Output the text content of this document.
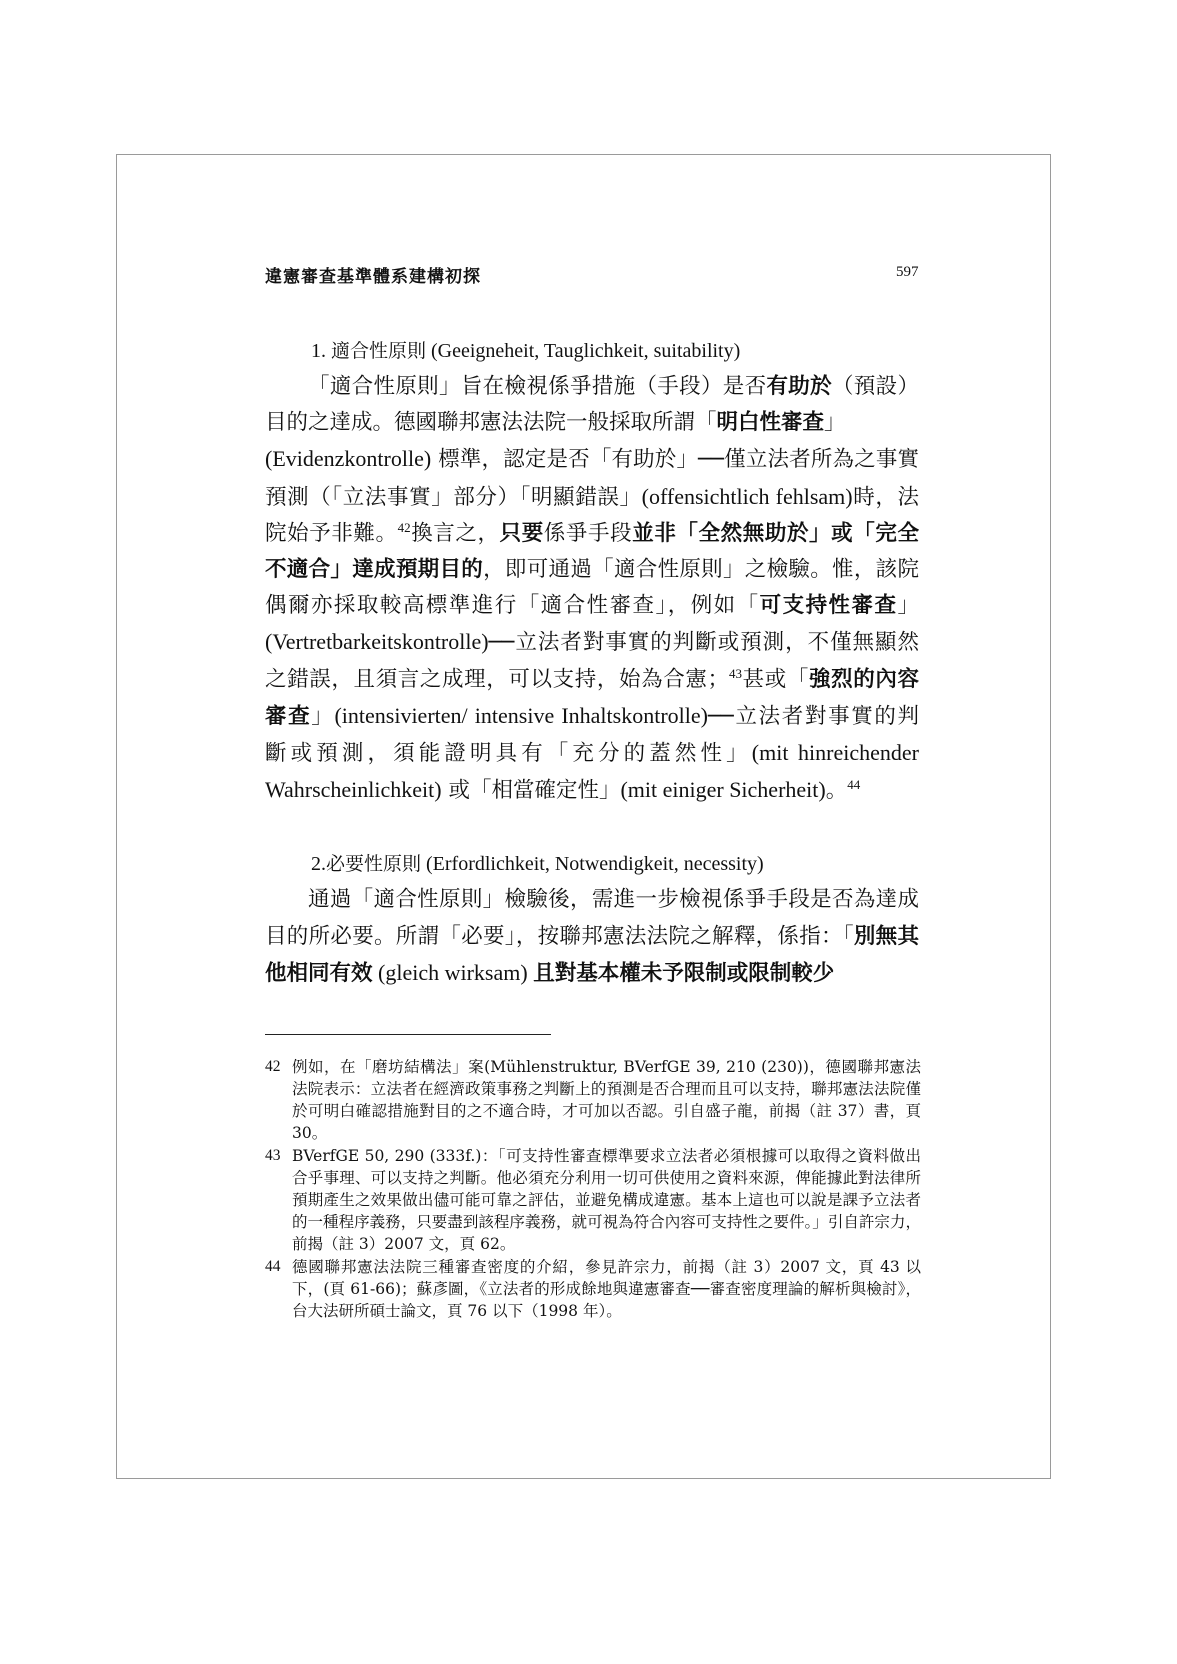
違憲審查基準體系建構初探	597

1. 適合性原則 (Geeigneheit, Tauglichkeit, suitability)

「適合性原則」旨在檢視係爭措施（手段）是否有助於（預設）目的之達成。德國聯邦憲法法院一般採取所謂「明白性審查」
(Evidenzkontrolle) 標準，認定是否「有助於」──僅立法者所為之事實預測（「立法事實」部分）「明顯錯誤」(offensichtlich fehlsam)時，法院始予非難。$^{42}$換言之，只要係爭手段並非「全然無助於」或「完全不適合」達成預期目的，即可通過「適合性原則」之檢驗。惟，該院偶爾亦採取較高標準進行「適合性審查」，例如「可支持性審查」(Vertretbarkeitskontrolle)──立法者對事實的判斷或預測，不僅無顯然之錯誤，且須言之成理，可以支持，始為合憲；$^{43}$甚或「強烈的內容審查」(intensivierten/ intensive Inhaltskontrolle)──立法者對事實的判斷或預測，須能證明具有「充分的蓋然性」(mit hinreichender Wahrscheinlichkeit) 或「相當確定性」(mit einiger Sicherheit)。$^{44}$

2.必要性原則 (Erfordlichkeit, Notwendigkeit, necessity)

通過「適合性原則」檢驗後，需進一步檢視係爭手段是否為達成目的所必要。所謂「必要」，按聯邦憲法法院之解釋，係指：「別無其他相同有效 (gleich wirksam) 且對基本權未予限制或限制較少

42 例如，在「磨坊結構法」案(Mühlenstruktur, BVerfGE 39, 210 (230))，德國聯邦憲法法院表示：立法者在經濟政策事務之判斷上的預測是否合理而且可以支持，聯邦憲法法院僅於可明白確認措施對目的之不適合時，才可加以否認。引自盛子龍，前揭（註 37）書，頁 30。
43 BVerfGE 50, 290 (333f.)：「可支持性審查標準要求立法者必須根據可以取得之資料做出合乎事理、可以支持之判斷。他必須充分利用一切可供使用之資料來源，俾能據此對法律所預期產生之效果做出儘可能可靠之評估，並避免構成違憲。基本上這也可以說是課予立法者的一種程序義務，只要盡到該程序義務，就可視為符合內容可支持性之要件。」引自許宗力，前揭（註 3）2007 文，頁 62。
44 德國聯邦憲法法院三種審查密度的介紹，參見許宗力，前揭（註 3）2007 文，頁 43 以下，(頁 61-66)；蘇彥圖，《立法者的形成餘地與違憲審查──審查密度理論的解析與檢討》，台大法研所碩士論文，頁 76 以下（1998 年）。
